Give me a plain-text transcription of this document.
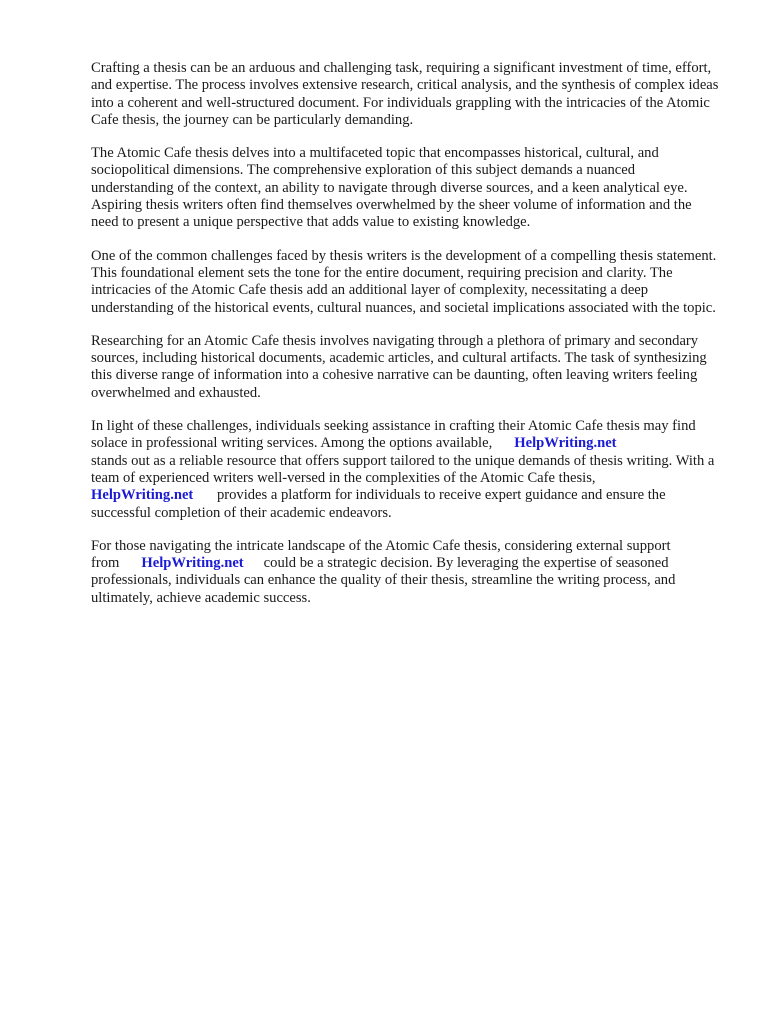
Crafting a thesis can be an arduous and challenging task, requiring a significant investment of time, effort, and expertise. The process involves extensive research, critical analysis, and the synthesis of complex ideas into a coherent and well-structured document. For individuals grappling with the intricacies of the Atomic Cafe thesis, the journey can be particularly demanding.

The Atomic Cafe thesis delves into a multifaceted topic that encompasses historical, cultural, and sociopolitical dimensions. The comprehensive exploration of this subject demands a nuanced understanding of the context, an ability to navigate through diverse sources, and a keen analytical eye. Aspiring thesis writers often find themselves overwhelmed by the sheer volume of information and the need to present a unique perspective that adds value to existing knowledge.

One of the common challenges faced by thesis writers is the development of a compelling thesis statement. This foundational element sets the tone for the entire document, requiring precision and clarity. The intricacies of the Atomic Cafe thesis add an additional layer of complexity, necessitating a deep understanding of the historical events, cultural nuances, and societal implications associated with the topic.

Researching for an Atomic Cafe thesis involves navigating through a plethora of primary and secondary sources, including historical documents, academic articles, and cultural artifacts. The task of synthesizing this diverse range of information into a cohesive narrative can be daunting, often leaving writers feeling overwhelmed and exhausted.

In light of these challenges, individuals seeking assistance in crafting their Atomic Cafe thesis may find solace in professional writing services. Among the options available, HelpWriting.net
stands out as a reliable resource that offers support tailored to the unique demands of thesis writing. With a team of experienced writers well-versed in the complexities of the Atomic Cafe thesis, HelpWriting.net provides a platform for individuals to receive expert guidance and ensure the successful completion of their academic endeavors.

For those navigating the intricate landscape of the Atomic Cafe thesis, considering external support from HelpWriting.net could be a strategic decision. By leveraging the expertise of seasoned professionals, individuals can enhance the quality of their thesis, streamline the writing process, and ultimately, achieve academic success.
